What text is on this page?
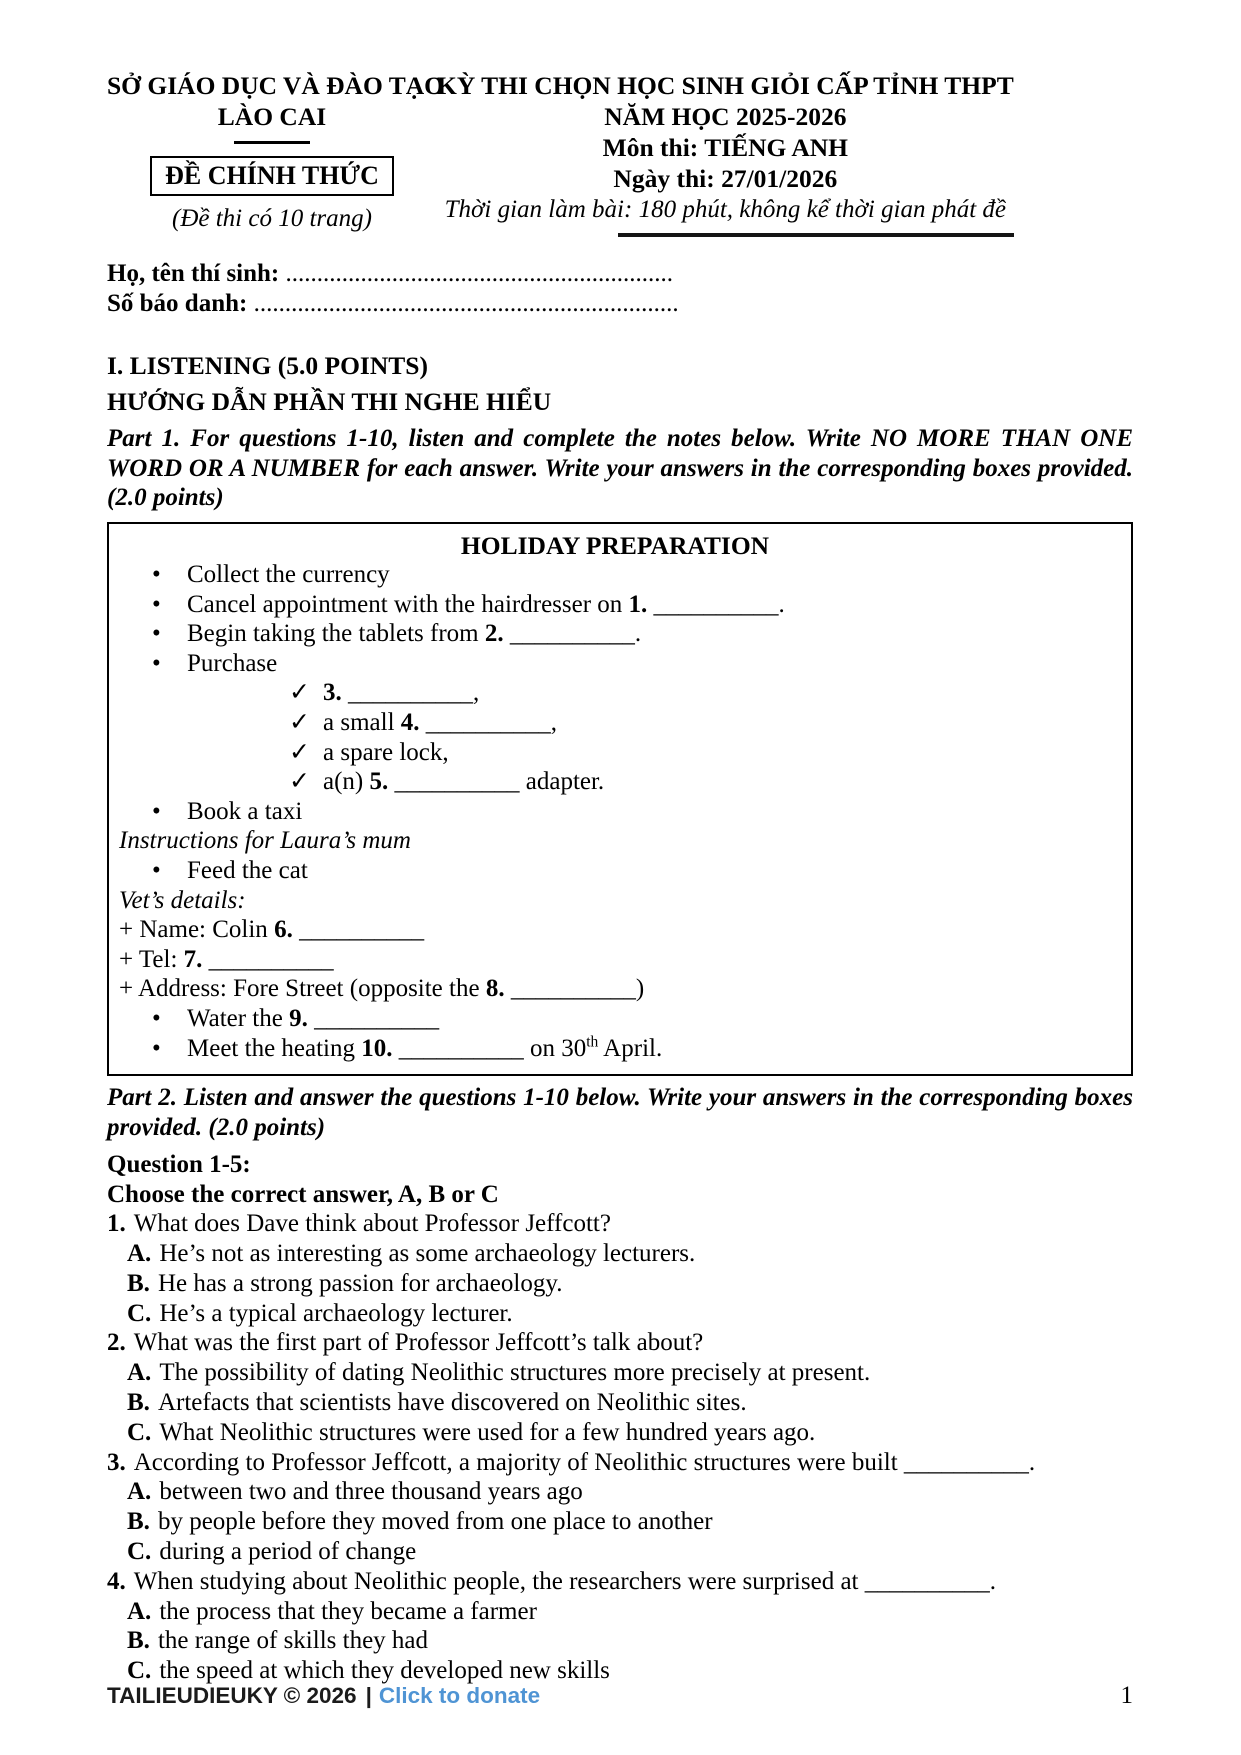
SỞ GIÁO DỤC VÀ ĐÀO TẠO
LÀO CAI
ĐỀ CHÍNH THỨC
(Đề thi có 10 trang)
KỲ THI CHỌN HỌC SINH GIỎI CẤP TỈNH THPT
NĂM HỌC 2025-2026
Môn thi: TIẾNG ANH
Ngày thi: 27/01/2026
Thời gian làm bài: 180 phút, không kể thời gian phát đề
Họ, tên thí sinh: ..............................................................
Số báo danh: ....................................................................
I. LISTENING (5.0 POINTS)
HƯỚNG DẪN PHẦN THI NGHE HIỂU

Part 1. For questions 1-10, listen and complete the notes below. Write NO MORE THAN ONE WORD OR A NUMBER for each answer. Write your answers in the corresponding boxes provided. (2.0 points)

HOLIDAY PREPARATION
•	Collect the currency
•	Cancel appointment with the hairdresser on 1. __________.
•	Begin taking the tablets from 2. __________.
•	Purchase
✓ 3. __________,
✓ a small 4. __________,
✓ a spare lock,
✓ a(n) 5. __________ adapter.
•	Book a taxi
Instructions for Laura’s mum
•	Feed the cat
Vet’s details:
+ Name: Colin 6. __________
+ Tel: 7. __________
+ Address: Fore Street (opposite the 8. __________)
•	Water the 9. __________
•	Meet the heating 10. __________ on 30th April.

Part 2. Listen and answer the questions 1-10 below. Write your answers in the corresponding boxes provided. (2.0 points)

Question 1-5:
Choose the correct answer, A, B or C
1. What does Dave think about Professor Jeffcott?
A. He’s not as interesting as some archaeology lecturers.
B. He has a strong passion for archaeology.
C. He’s a typical archaeology lecturer.
2. What was the first part of Professor Jeffcott’s talk about?
A. The possibility of dating Neolithic structures more precisely at present.
B. Artefacts that scientists have discovered on Neolithic sites.
C. What Neolithic structures were used for a few hundred years ago.
3. According to Professor Jeffcott, a majority of Neolithic structures were built __________.
A. between two and three thousand years ago
B. by people before they moved from one place to another
C. during a period of change
4. When studying about Neolithic people, the researchers were surprised at __________.
A. the process that they became a farmer
B. the range of skills they had
C. the speed at which they developed new skills
TAILIEUDIEUKY © 2026 | Click to donate	1
